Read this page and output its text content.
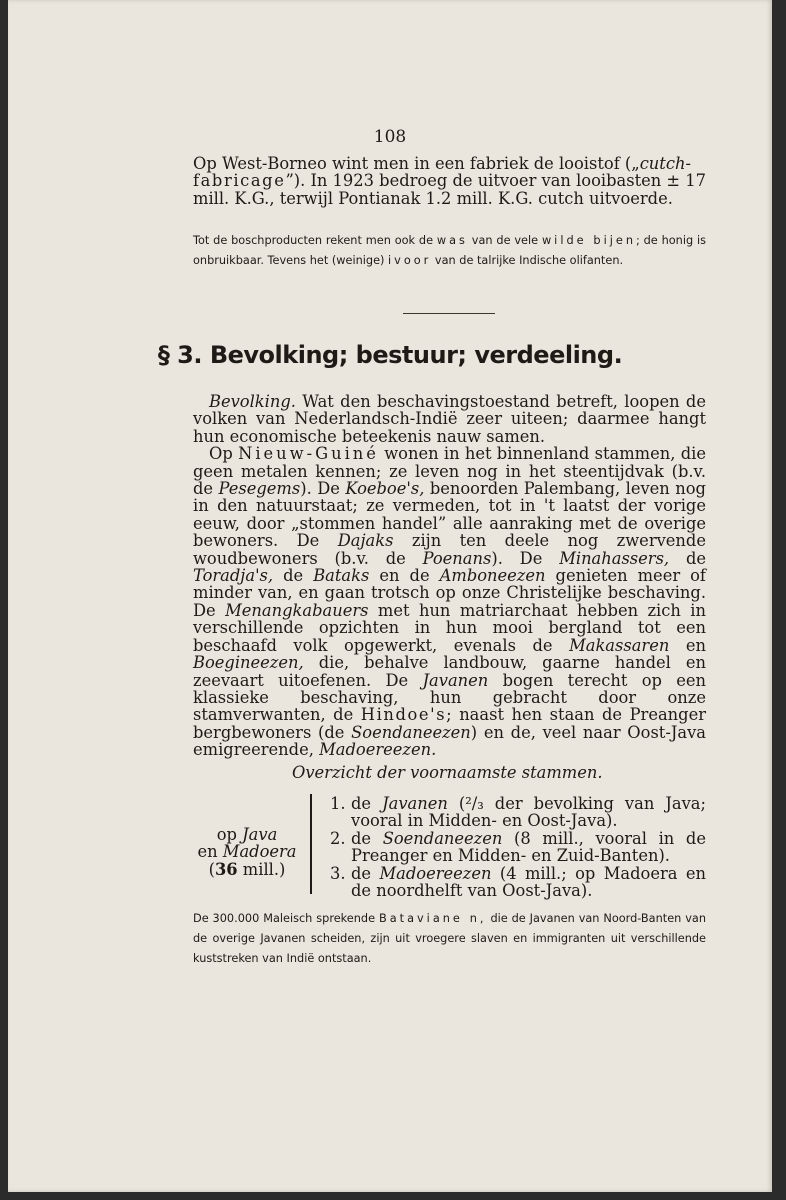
108

Op West-Borneo wint men in een fabriek de looistof („cutch-
fabricage”). In 1923 bedroeg de uitvoer van looibasten ± 17
mill. K.G., terwijl Pontianak 1.2 mill. K.G. cutch uitvoerde.

Tot de boschproducten rekent men ook de was van de vele wilde bijen; de honig is onbruikbaar. Tevens het (weinige) ivoor van de talrijke Indische olifanten.

§ 3. Bevolking; bestuur; verdeeling.

Bevolking. Wat den beschavingstoestand betreft, loopen de volken van Nederlandsch-Indië zeer uiteen; daarmee hangt hun economische beteekenis nauw samen.

Op Nieuw-Guiné wonen in het binnenland stammen, die geen metalen kennen; ze leven nog in het steentijdvak (b.v. de Pesegems). De Koeboe's, benoorden Palembang, leven nog in den natuurstaat; ze vermeden, tot in 't laatst der vorige eeuw, door „stommen handel” alle aanraking met de overige bewoners. De Dajaks zijn ten deele nog zwervende woudbewoners (b.v. de Poenans). De Minahassers, de Toradja's, de Bataks en de Amboneezen genieten meer of minder van, en gaan trotsch op onze Christelijke beschaving. De Menangkabauers met hun matriarchaat hebben zich in verschillende opzichten in hun mooi bergland tot een beschaafd volk opgewerkt, evenals de Makassaren en Boegineezen, die, behalve landbouw, gaarne handel en zeevaart uitoefenen. De Javanen bogen terecht op een klassieke beschaving, hun gebracht door onze stamverwanten, de Hindoe's; naast hen staan de Preanger bergbewoners (de Soendaneezen) en de, veel naar Oost-Java emigreerende, Madoereezen.

Overzicht der voornaamste stammen.
op Java
en Madoera
(36 mill.)
1. de Javanen (²/₃ der bevolking van Java; vooral in Midden- en Oost-Java).
2. de Soendaneezen (8 mill., vooral in de Preanger en Midden- en Zuid-Banten).
3. de Madoereezen (4 mill.; op Madoera en de noordhelft van Oost-Java).

De 300.000 Maleisch sprekende Bataviane n, die de Javanen van Noord-Banten van de overige Javanen scheiden, zijn uit vroegere slaven en immigranten uit verschillende kuststreken van Indië ontstaan.
